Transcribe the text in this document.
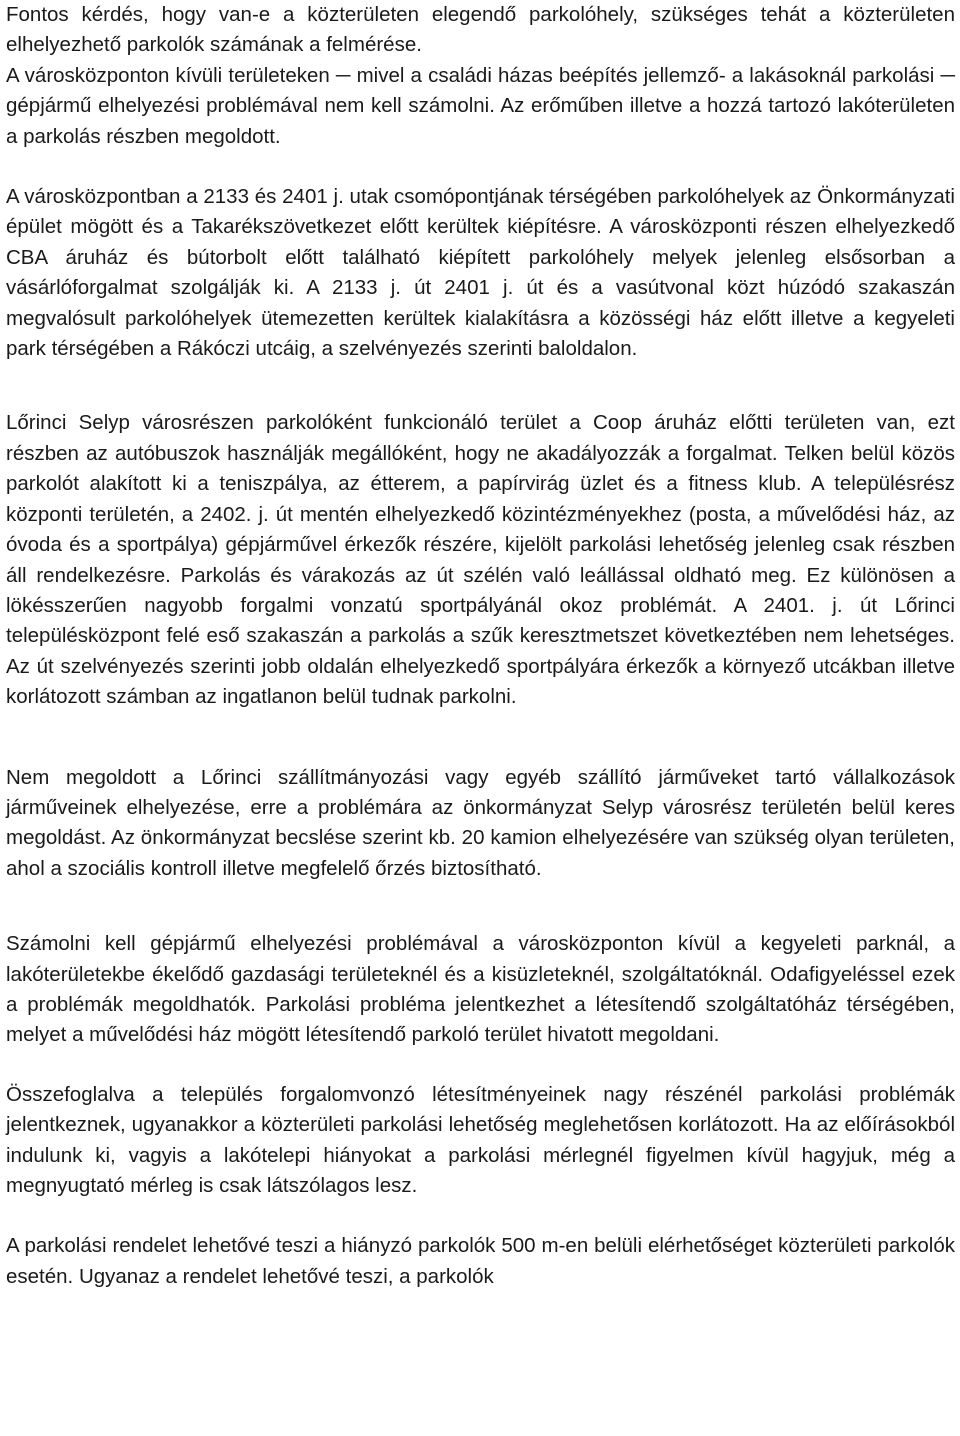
Fontos kérdés, hogy van-e a közterületen elegendő parkolóhely, szükséges tehát a közterületen elhelyezhető parkolók számának a felmérése.

A városközponton kívüli területeken ─ mivel a családi házas beépítés jellemző- a lakásoknál parkolási ─ gépjármű elhelyezési problémával nem kell számolni. Az erőműben illetve a hozzá tartozó lakóterületen a parkolás részben megoldott.

A városközpontban a 2133 és 2401 j. utak csomópontjának térségében parkolóhelyek az Önkormányzati épület mögött és a Takarékszövetkezet előtt kerültek kiépítésre. A városközponti részen elhelyezkedő CBA áruház és bútorbolt előtt található kiépített parkolóhely melyek jelenleg elsősorban a vásárlóforgalmat szolgálják ki. A 2133 j. út 2401 j. út és a vasútvonal közt húzódó szakaszán megvalósult parkolóhelyek ütemezetten kerültek kialakításra a közösségi ház előtt illetve a kegyeleti park térségében a Rákóczi utcáig, a szelvényezés szerinti baloldalon.

Lőrinci Selyp városrészen parkolóként funkcionáló terület a Coop áruház előtti területen van, ezt részben az autóbuszok használják megállóként, hogy ne akadályozzák a forgalmat. Telken belül közös parkolót alakított ki a teniszpálya, az étterem, a papírvirág üzlet és a fitness klub. A településrész központi területén, a 2402. j. út mentén elhelyezkedő közintézményekhez (posta, a művelődési ház, az óvoda és a sportpálya) gépjárművel érkezők részére, kijelölt parkolási lehetőség jelenleg csak részben áll rendelkezésre. Parkolás és várakozás az út szélén való leállással oldható meg. Ez különösen a lökésszerűen nagyobb forgalmi vonzatú sportpályánál okoz problémát. A 2401. j. út Lőrinci településközpont felé eső szakaszán a parkolás a szűk keresztmetszet következtében nem lehetséges. Az út szelvényezés szerinti jobb oldalán elhelyezkedő sportpályára érkezők a környező utcákban illetve korlátozott számban az ingatlanon belül tudnak parkolni.

Nem megoldott a Lőrinci szállítmányozási vagy egyéb szállító járműveket tartó vállalkozások járműveinek elhelyezése, erre a problémára az önkormányzat Selyp városrész területén belül keres megoldást. Az önkormányzat becslése szerint kb. 20 kamion elhelyezésére van szükség olyan területen, ahol a szociális kontroll illetve megfelelő őrzés biztosítható.

Számolni kell gépjármű elhelyezési problémával a városközponton kívül a kegyeleti parknál, a lakóterületekbe ékelődő gazdasági területeknél és a kisüzleteknél, szolgáltatóknál. Odafigyeléssel ezek a problémák megoldhatók. Parkolási probléma jelentkezhet a létesítendő szolgáltatóház térségében, melyet a művelődési ház mögött létesítendő parkoló terület hivatott megoldani.

Összefoglalva a település forgalomvonzó létesítményeinek nagy részénél parkolási problémák jelentkeznek, ugyanakkor a közterületi parkolási lehetőség meglehetősen korlátozott. Ha az előírásokból indulunk ki, vagyis a lakótelepi hiányokat a parkolási mérlegnél figyelmen kívül hagyjuk, még a megnyugtató mérleg is csak látszólagos lesz.

A parkolási rendelet lehetővé teszi a hiányzó parkolók 500 m-en belüli elérhetőséget közterületi parkolók esetén. Ugyanaz a rendelet lehetővé teszi, a parkolók
